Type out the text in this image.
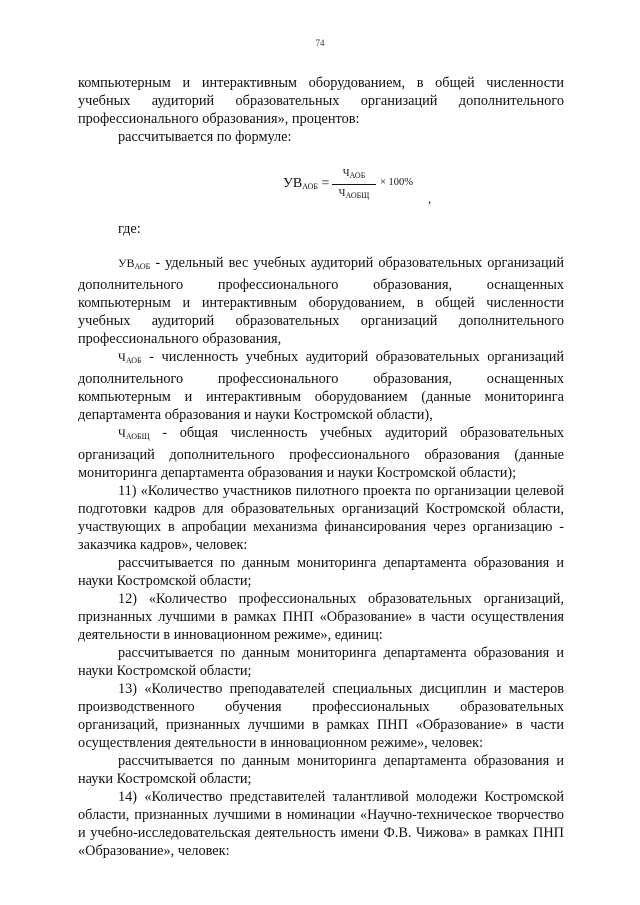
74

компьютерным и интерактивным оборудованием, в общей численности учебных аудиторий образовательных организаций дополнительного профессионального образования», процентов:

рассчитывается по формуле:

$УВ_{АОБ}$ =
$Ч_{АОБ}$
$Ч_{АОБЩ}$
× 100%
,

где:

$УВ_{АОБ}$ - удельный вес учебных аудиторий образовательных организаций дополнительного профессионального образования, оснащенных компьютерным и интерактивным оборудованием, в общей численности учебных аудиторий образовательных организаций дополнительного профессионального образования,

$Ч_{АОБ}$ - численность учебных аудиторий образовательных организаций дополнительного профессионального образования, оснащенных компьютерным и интерактивным оборудованием (данные мониторинга департамента образования и науки Костромской области),

$Ч_{АОБЩ}$ - общая численность учебных аудиторий образовательных организаций дополнительного профессионального образования (данные мониторинга департамента образования и науки Костромской области);

11) «Количество участников пилотного проекта по организации целевой подготовки кадров для образовательных организаций Костромской области, участвующих в апробации механизма финансирования через организацию - заказчика кадров», человек:

рассчитывается по данным мониторинга департамента образования и науки Костромской области;

12) «Количество профессиональных образовательных организаций, признанных лучшими в рамках ПНП «Образование» в части осуществления деятельности в инновационном режиме», единиц:

рассчитывается по данным мониторинга департамента образования и науки Костромской области;

13) «Количество преподавателей специальных дисциплин и мастеров производственного обучения профессиональных образовательных организаций, признанных лучшими в рамках ПНП «Образование» в части осуществления деятельности в инновационном режиме», человек:

рассчитывается по данным мониторинга департамента образования и науки Костромской области;

14) «Количество представителей талантливой молодежи Костромской области, признанных лучшими в номинации «Научно-техническое творчество и учебно-исследовательская деятельность имени Ф.В. Чижова» в рамках ПНП «Образование», человек:
